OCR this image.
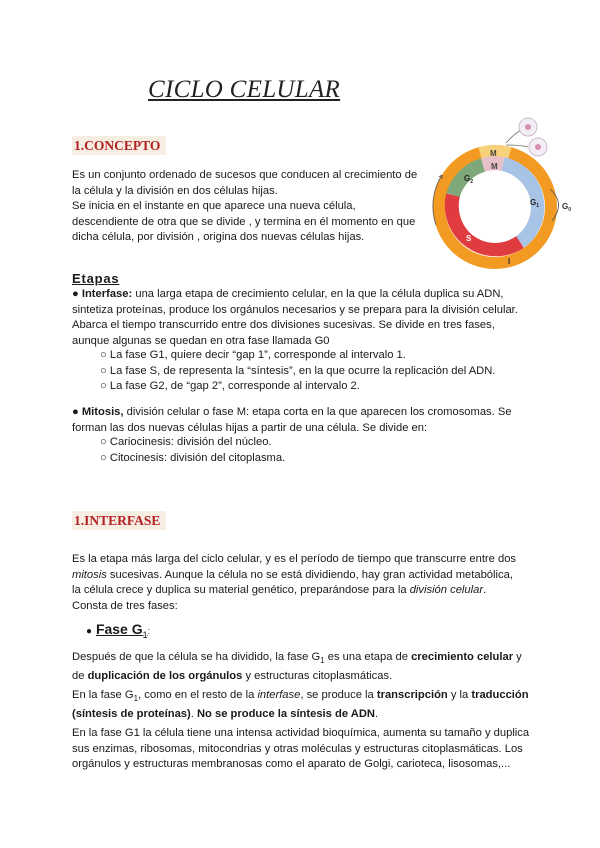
CICLO CELULAR
1.CONCEPTO
Es un conjunto ordenado de sucesos que conducen al crecimiento de
la célula y la división en dos células hijas.
Se inicia en el instante en que aparece una nueva célula,
descendiente de otra que se divide , y termina en él momento en que
dicha célula, por división , origina dos nuevas células hijas.
M
M
$G_2$
$G_1$
S
I
$G_0$
Etapas
● Interfase: una larga etapa de crecimiento celular, en la que la célula duplica su ADN,
sintetiza proteínas, produce los orgánulos necesarios y se prepara para la división celular.
Abarca el tiempo transcurrido entre dos divisiones sucesivas. Se divide en tres fases,
aunque algunas se quedan en otra fase llamada G0
○ La fase G1, quiere decir “gap 1”, corresponde al intervalo 1.
○ La fase S, de representa la “síntesis”, en la que ocurre la replicación del ADN.
○ La fase G2, de “gap 2”, corresponde al intervalo 2.
● Mitosis, división celular o fase M: etapa corta en la que aparecen los cromosomas. Se
forman las dos nuevas células hijas a partir de una célula. Se divide en:
○ Cariocinesis: división del núcleo.
○ Citocinesis: división del citoplasma.
1.INTERFASE
Es la etapa más larga del ciclo celular, y es el período de tiempo que transcurre entre dos
mitosis sucesivas. Aunque la célula no se está dividiendo, hay gran actividad metabólica,
la célula crece y duplica su material genético, preparándose para la división celular.
Consta de tres fases:
● Fase $G_1$:
Después de que la célula se ha dividido, la fase $G_1$ es una etapa de crecimiento celular y
de duplicación de los orgánulos y estructuras citoplasmáticas.
En la fase $G_1$, como en el resto de la interfase, se produce la transcripción y la traducción
(síntesis de proteínas). No se produce la síntesis de ADN.
En la fase G1 la célula tiene una intensa actividad bioquímica, aumenta su tamaño y duplica
sus enzimas, ribosomas, mitocondrias y otras moléculas y estructuras citoplasmáticas. Los
orgánulos y estructuras membranosas como el aparato de Golgi, carioteca, lisosomas,...
